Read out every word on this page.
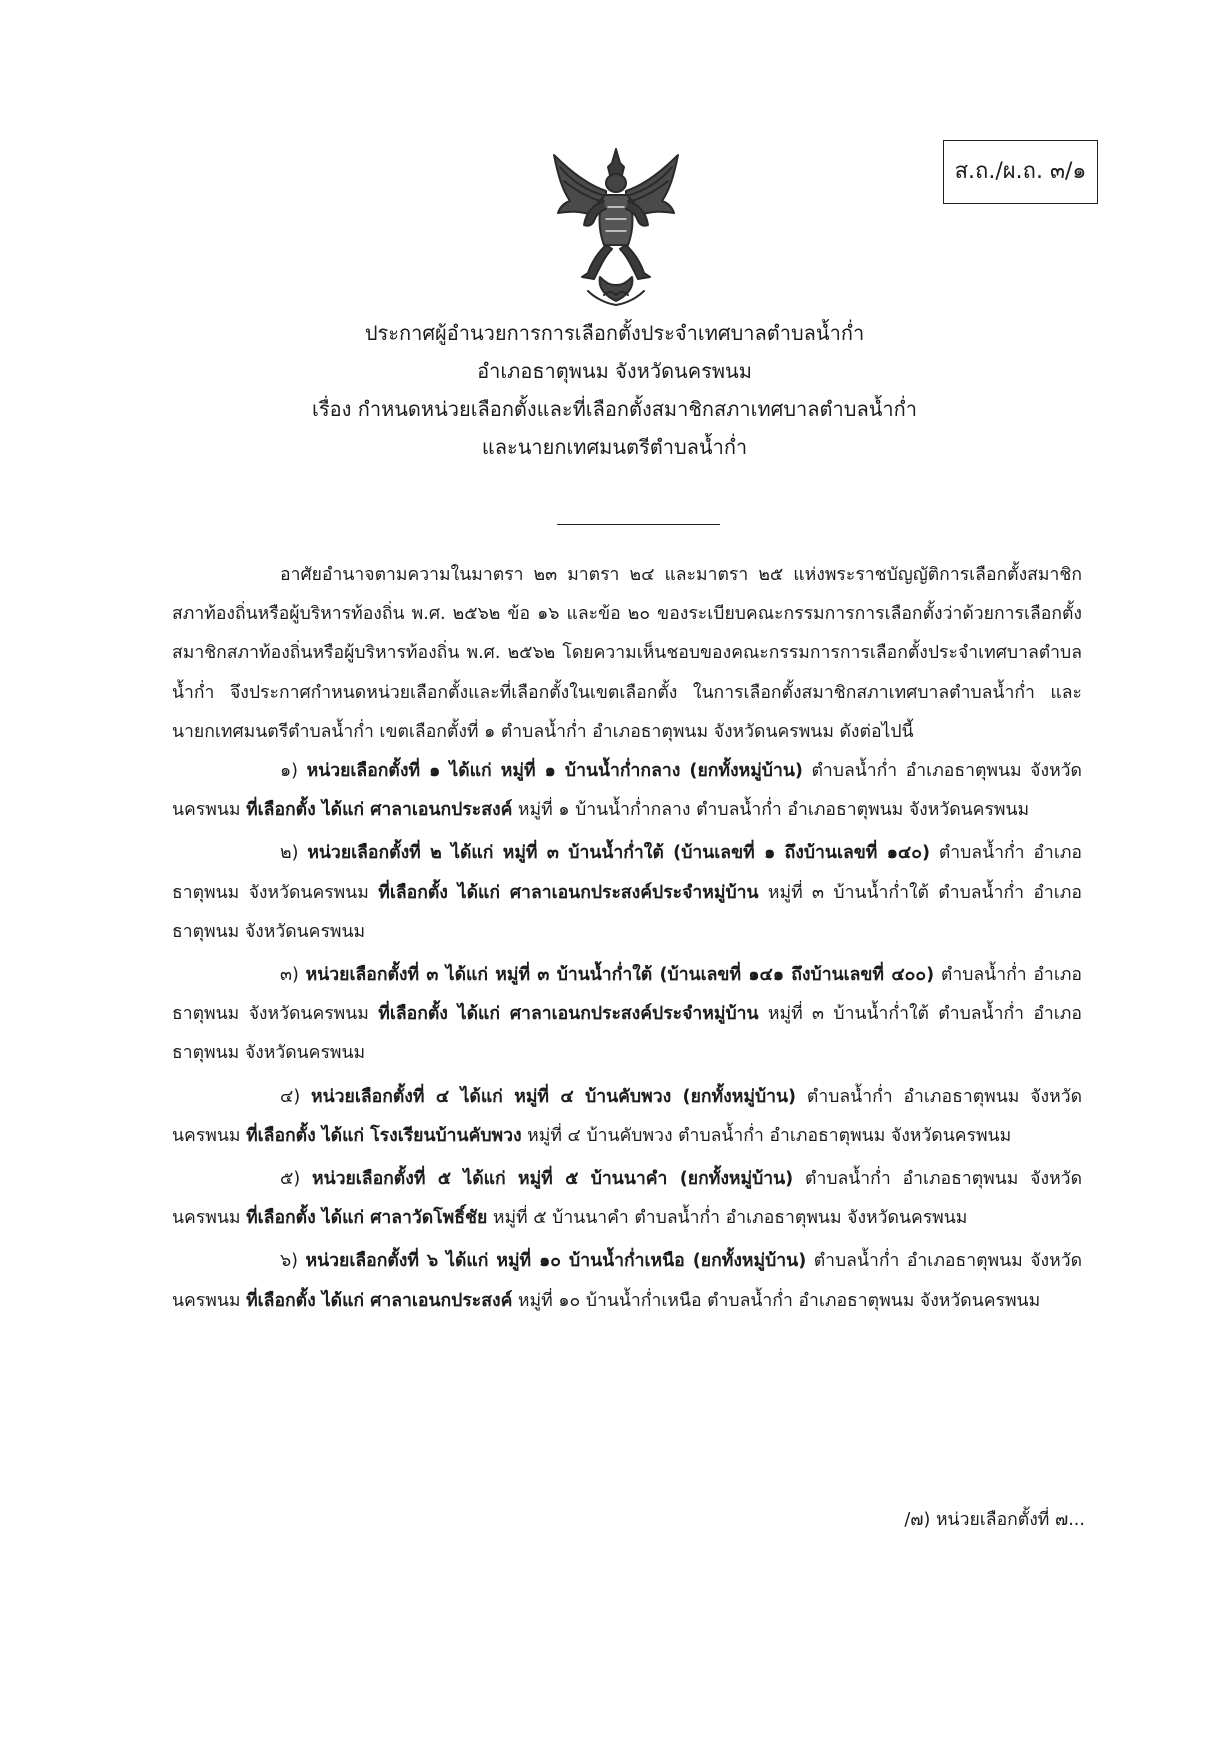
ส.ถ./ผ.ถ. ๓/๑
ประกาศผู้อำนวยการการเลือกตั้งประจำเทศบาลตำบลน้ำก่ำ
อำเภอธาตุพนม จังหวัดนครพนม
เรื่อง กำหนดหน่วยเลือกตั้งและที่เลือกตั้งสมาชิกสภาเทศบาลตำบลน้ำก่ำ
และนายกเทศมนตรีตำบลน้ำก่ำ

อาศัยอำนาจตามความในมาตรา ๒๓ มาตรา ๒๔ และมาตรา ๒๕ แห่งพระราชบัญญัติการเลือกตั้งสมาชิกสภาท้องถิ่นหรือผู้บริหารท้องถิ่น พ.ศ. ๒๕๖๒ ข้อ ๑๖ และข้อ ๒๐ ของระเบียบคณะกรรมการการเลือกตั้งว่าด้วยการเลือกตั้งสมาชิกสภาท้องถิ่นหรือผู้บริหารท้องถิ่น พ.ศ. ๒๕๖๒ โดยความเห็นชอบของคณะกรรมการการเลือกตั้งประจำเทศบาลตำบลน้ำก่ำ จึงประกาศกำหนดหน่วยเลือกตั้งและที่เลือกตั้งในเขตเลือกตั้ง ในการเลือกตั้งสมาชิกสภาเทศบาลตำบลน้ำก่ำ และนายกเทศมนตรีตำบลน้ำก่ำ เขตเลือกตั้งที่ ๑ ตำบลน้ำก่ำ อำเภอธาตุพนม จังหวัดนครพนม ดังต่อไปนี้

๑) หน่วยเลือกตั้งที่ ๑ ได้แก่ หมู่ที่ ๑ บ้านน้ำก่ำกลาง (ยกทั้งหมู่บ้าน) ตำบลน้ำก่ำ อำเภอธาตุพนม จังหวัดนครพนม ที่เลือกตั้ง ได้แก่ ศาลาเอนกประสงค์ หมู่ที่ ๑ บ้านน้ำก่ำกลาง ตำบลน้ำก่ำ อำเภอธาตุพนม จังหวัดนครพนม

๒) หน่วยเลือกตั้งที่ ๒ ได้แก่ หมู่ที่ ๓ บ้านน้ำก่ำใต้ (บ้านเลขที่ ๑ ถึงบ้านเลขที่ ๑๔๐) ตำบลน้ำก่ำ อำเภอธาตุพนม จังหวัดนครพนม ที่เลือกตั้ง ได้แก่ ศาลาเอนกประสงค์ประจำหมู่บ้าน หมู่ที่ ๓ บ้านน้ำก่ำใต้ ตำบลน้ำก่ำ อำเภอธาตุพนม จังหวัดนครพนม

๓) หน่วยเลือกตั้งที่ ๓ ได้แก่ หมู่ที่ ๓ บ้านน้ำก่ำใต้ (บ้านเลขที่ ๑๔๑ ถึงบ้านเลขที่ ๔๐๐) ตำบลน้ำก่ำ อำเภอธาตุพนม จังหวัดนครพนม ที่เลือกตั้ง ได้แก่ ศาลาเอนกประสงค์ประจำหมู่บ้าน หมู่ที่ ๓ บ้านน้ำก่ำใต้ ตำบลน้ำก่ำ อำเภอธาตุพนม จังหวัดนครพนม

๔) หน่วยเลือกตั้งที่ ๔ ได้แก่ หมู่ที่ ๔ บ้านคับพวง (ยกทั้งหมู่บ้าน) ตำบลน้ำก่ำ อำเภอธาตุพนม จังหวัดนครพนม ที่เลือกตั้ง ได้แก่ โรงเรียนบ้านคับพวง หมู่ที่ ๔ บ้านคับพวง ตำบลน้ำก่ำ อำเภอธาตุพนม จังหวัดนครพนม

๕) หน่วยเลือกตั้งที่ ๕ ได้แก่ หมู่ที่ ๕ บ้านนาคำ (ยกทั้งหมู่บ้าน) ตำบลน้ำก่ำ อำเภอธาตุพนม จังหวัดนครพนม ที่เลือกตั้ง ได้แก่ ศาลาวัดโพธิ์ชัย หมู่ที่ ๕ บ้านนาคำ ตำบลน้ำก่ำ อำเภอธาตุพนม จังหวัดนครพนม

๖) หน่วยเลือกตั้งที่ ๖ ได้แก่ หมู่ที่ ๑๐ บ้านน้ำก่ำเหนือ (ยกทั้งหมู่บ้าน) ตำบลน้ำก่ำ อำเภอธาตุพนม จังหวัดนครพนม ที่เลือกตั้ง ได้แก่ ศาลาเอนกประสงค์ หมู่ที่ ๑๐ บ้านน้ำก่ำเหนือ ตำบลน้ำก่ำ อำเภอธาตุพนม จังหวัดนครพนม

/๗) หน่วยเลือกตั้งที่ ๗...
